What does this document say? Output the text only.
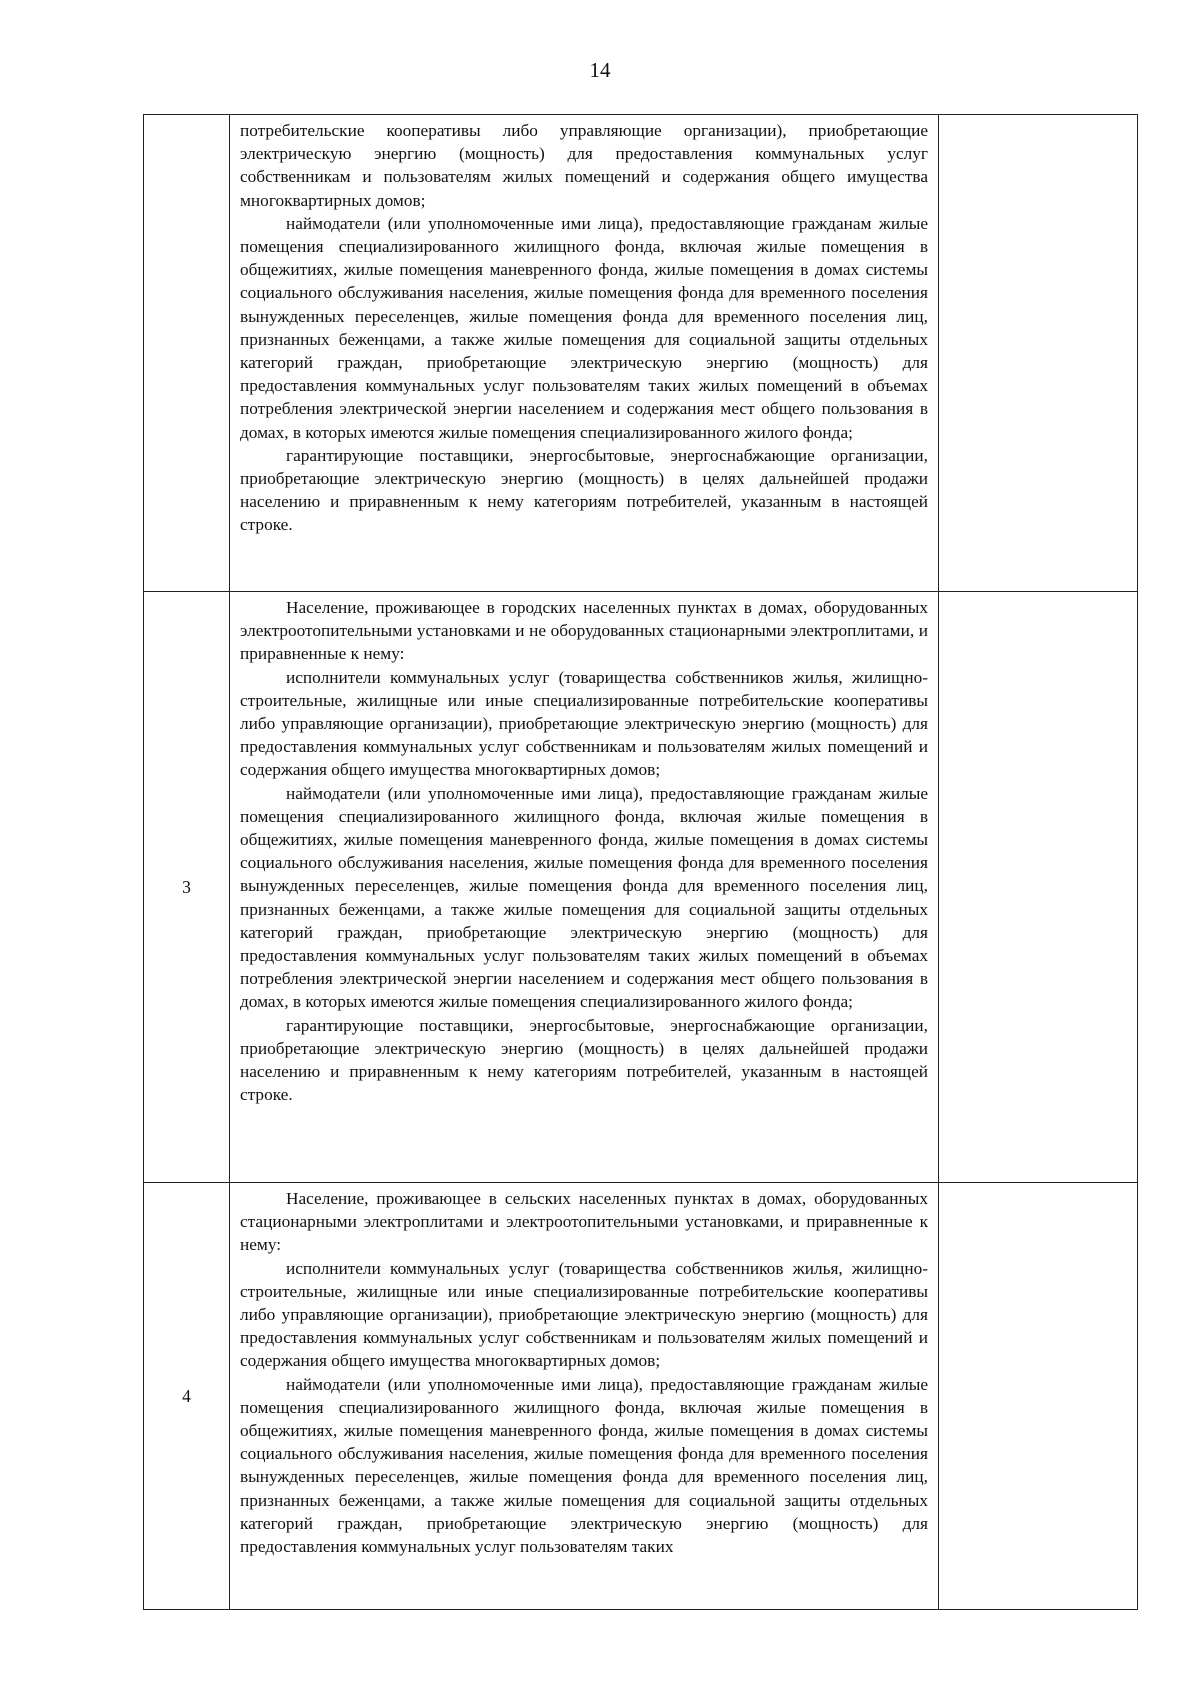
14

	потребительские кооперативы либо управляющие организации), приобретающие электрическую энергию (мощность) для предоставления коммунальных услуг собственникам и пользователям жилых помещений и содержания общего имущества многоквартирных домов;

наймодатели (или уполномоченные ими лица), предоставляющие гражданам жилые помещения специализированного жилищного фонда, включая жилые помещения в общежитиях, жилые помещения маневренного фонда, жилые помещения в домах системы социального обслуживания населения, жилые помещения фонда для временного поселения вынужденных переселенцев, жилые помещения фонда для временного поселения лиц, признанных беженцами, а также жилые помещения для социальной защиты отдельных категорий граждан, приобретающие электрическую энергию (мощность) для предоставления коммунальных услуг пользователям таких жилых помещений в объемах потребления электрической энергии населением и содержания мест общего пользования в домах, в которых имеются жилые помещения специализированного жилого фонда;

гарантирующие поставщики, энергосбытовые, энергоснабжающие организации, приобретающие электрическую энергию (мощность) в целях дальнейшей продажи населению и приравненным к нему категориям потребителей, указанным в настоящей строке.	

3	Население, проживающее в городских населенных пунктах в домах, оборудованных электроотопительными установками и не оборудованных стационарными электроплитами, и приравненные к нему:

исполнители коммунальных услуг (товарищества собственников жилья, жилищно-строительные, жилищные или иные специализированные потребительские кооперативы либо управляющие организации), приобретающие электрическую энергию (мощность) для предоставления коммунальных услуг собственникам и пользователям жилых помещений и содержания общего имущества многоквартирных домов;

наймодатели (или уполномоченные ими лица), предоставляющие гражданам жилые помещения специализированного жилищного фонда, включая жилые помещения в общежитиях, жилые помещения маневренного фонда, жилые помещения в домах системы социального обслуживания населения, жилые помещения фонда для временного поселения вынужденных переселенцев, жилые помещения фонда для временного поселения лиц, признанных беженцами, а также жилые помещения для социальной защиты отдельных категорий граждан, приобретающие электрическую энергию (мощность) для предоставления коммунальных услуг пользователям таких жилых помещений в объемах потребления электрической энергии населением и содержания мест общего пользования в домах, в которых имеются жилые помещения специализированного жилого фонда;

гарантирующие поставщики, энергосбытовые, энергоснабжающие организации, приобретающие электрическую энергию (мощность) в целях дальнейшей продажи населению и приравненным к нему категориям потребителей, указанным в настоящей строке.	

4	Население, проживающее в сельских населенных пунктах в домах, оборудованных стационарными электроплитами и электроотопительными установками, и приравненные к нему:

исполнители коммунальных услуг (товарищества собственников жилья, жилищно-строительные, жилищные или иные специализированные потребительские кооперативы либо управляющие организации), приобретающие электрическую энергию (мощность) для предоставления коммунальных услуг собственникам и пользователям жилых помещений и содержания общего имущества многоквартирных домов;

наймодатели (или уполномоченные ими лица), предоставляющие гражданам жилые помещения специализированного жилищного фонда, включая жилые помещения в общежитиях, жилые помещения маневренного фонда, жилые помещения в домах системы социального обслуживания населения, жилые помещения фонда для временного поселения вынужденных переселенцев, жилые помещения фонда для временного поселения лиц, признанных беженцами, а также жилые помещения для социальной защиты отдельных категорий граждан, приобретающие электрическую энергию (мощность) для предоставления коммунальных услуг пользователям таких	
